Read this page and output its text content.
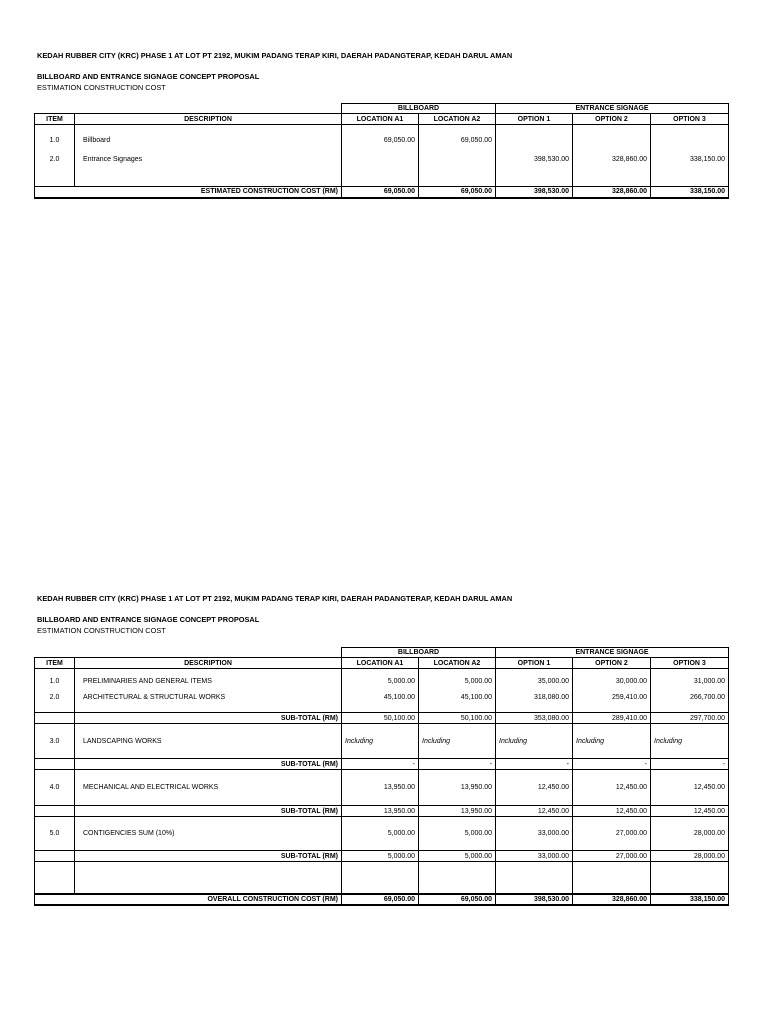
KEDAH RUBBER CITY (KRC) PHASE 1 AT LOT PT 2192, MUKIM PADANG TERAP KIRI, DAERAH PADANGTERAP, KEDAH DARUL AMAN
BILLBOARD AND ENTRANCE SIGNAGE CONCEPT PROPOSAL
ESTIMATION CONSTRUCTION COST
		BILLBOARD		ENTRANCE SIGNAGE		
ITEM	DESCRIPTION	LOCATION A1	LOCATION A2	OPTION 1	OPTION 2	OPTION 3
1.0	Billboard	69,050.00	69,050.00			
2.0	Entrance Signages			398,530.00	328,860.00	338,150.00

ESTIMATED CONSTRUCTION COST (RM)		69,050.00	69,050.00	398,530.00	328,860.00	338,150.00
KEDAH RUBBER CITY (KRC) PHASE 1 AT LOT PT 2192, MUKIM PADANG TERAP KIRI, DAERAH PADANGTERAP, KEDAH DARUL AMAN
BILLBOARD AND ENTRANCE SIGNAGE CONCEPT PROPOSAL
ESTIMATION CONSTRUCTION COST
		BILLBOARD		ENTRANCE SIGNAGE		
ITEM	DESCRIPTION	LOCATION A1	LOCATION A2	OPTION 1	OPTION 2	OPTION 3
1.0	PRELIMINARIES AND GENERAL ITEMS	5,000.00	5,000.00	35,000.00	30,000.00	31,000.00
2.0	ARCHITECTURAL & STRUCTURAL WORKS	45,100.00	45,100.00	318,080.00	259,410.00	266,700.00
	SUB-TOTAL (RM)	50,100.00	50,100.00	353,080.00	289,410.00	297,700.00
3.0	LANDSCAPING WORKS	Including	Including	Including	Including	Including
	SUB-TOTAL (RM)	-	-	-	-	-
4.0	MECHANICAL AND ELECTRICAL WORKS	13,950.00	13,950.00	12,450.00	12,450.00	12,450.00
	SUB-TOTAL (RM)	13,950.00	13,950.00	12,450.00	12,450.00	12,450.00
5.0	CONTIGENCIES SUM (10%)	5,000.00	5,000.00	33,000.00	27,000.00	28,000.00
	SUB-TOTAL (RM)	5,000.00	5,000.00	33,000.00	27,000.00	28,000.00

OVERALL CONSTRUCTION COST (RM)		69,050.00	69,050.00	398,530.00	328,860.00	338,150.00
